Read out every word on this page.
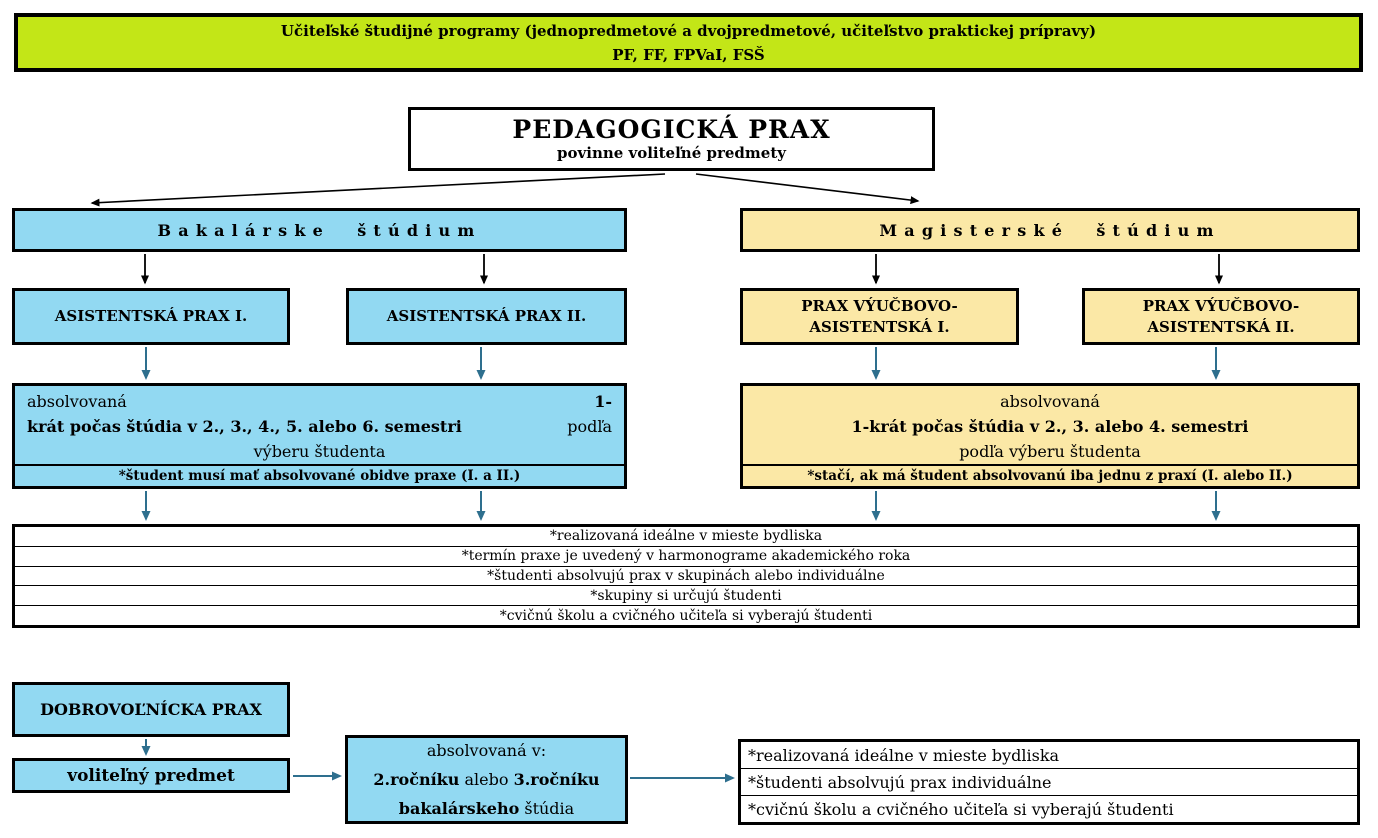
Učiteľské študijné programy (jednopredmetové a dvojpredmetové, učiteľstvo praktickej prípravy)
PF, FF, FPVaI, FSŠ
PEDAGOGICKÁ PRAX
povinne voliteľné predmety
Bakalárske štúdium	Magisterské štúdium
ASISTENTSKÁ PRAX I.	ASISTENTSKÁ PRAX II.
PRAX VÝUČBOVO-ASISTENTSKÁ I.
PRAX VÝUČBOVO-ASISTENTSKÁ II.
absolvovaná	1-
krát počas štúdia v 2., 3., 4., 5. alebo 6. semestri	podľa
výberu študenta
*študent musí mať absolvované obidve praxe (I. a II.)
absolvovaná
1-krát počas štúdia v 2., 3. alebo 4. semestri
podľa výberu študenta
*stačí, ak má študent absolvovanú iba jednu z praxí (I. alebo II.)
*realizovaná ideálne v mieste bydliska
*termín praxe je uvedený v harmonograme akademického roka
*študenti absolvujú prax v skupinách alebo individuálne
*skupiny si určujú študenti
*cvičnú školu a cvičného učiteľa si vyberajú študenti
DOBROVOĽNÍCKA PRAX
voliteľný predmet
absolvovaná v:
2.ročníku alebo 3.ročníku
bakalárskeho štúdia
*realizovaná ideálne v mieste bydliska
*študenti absolvujú prax individuálne
*cvičnú školu a cvičného učiteľa si vyberajú študenti
